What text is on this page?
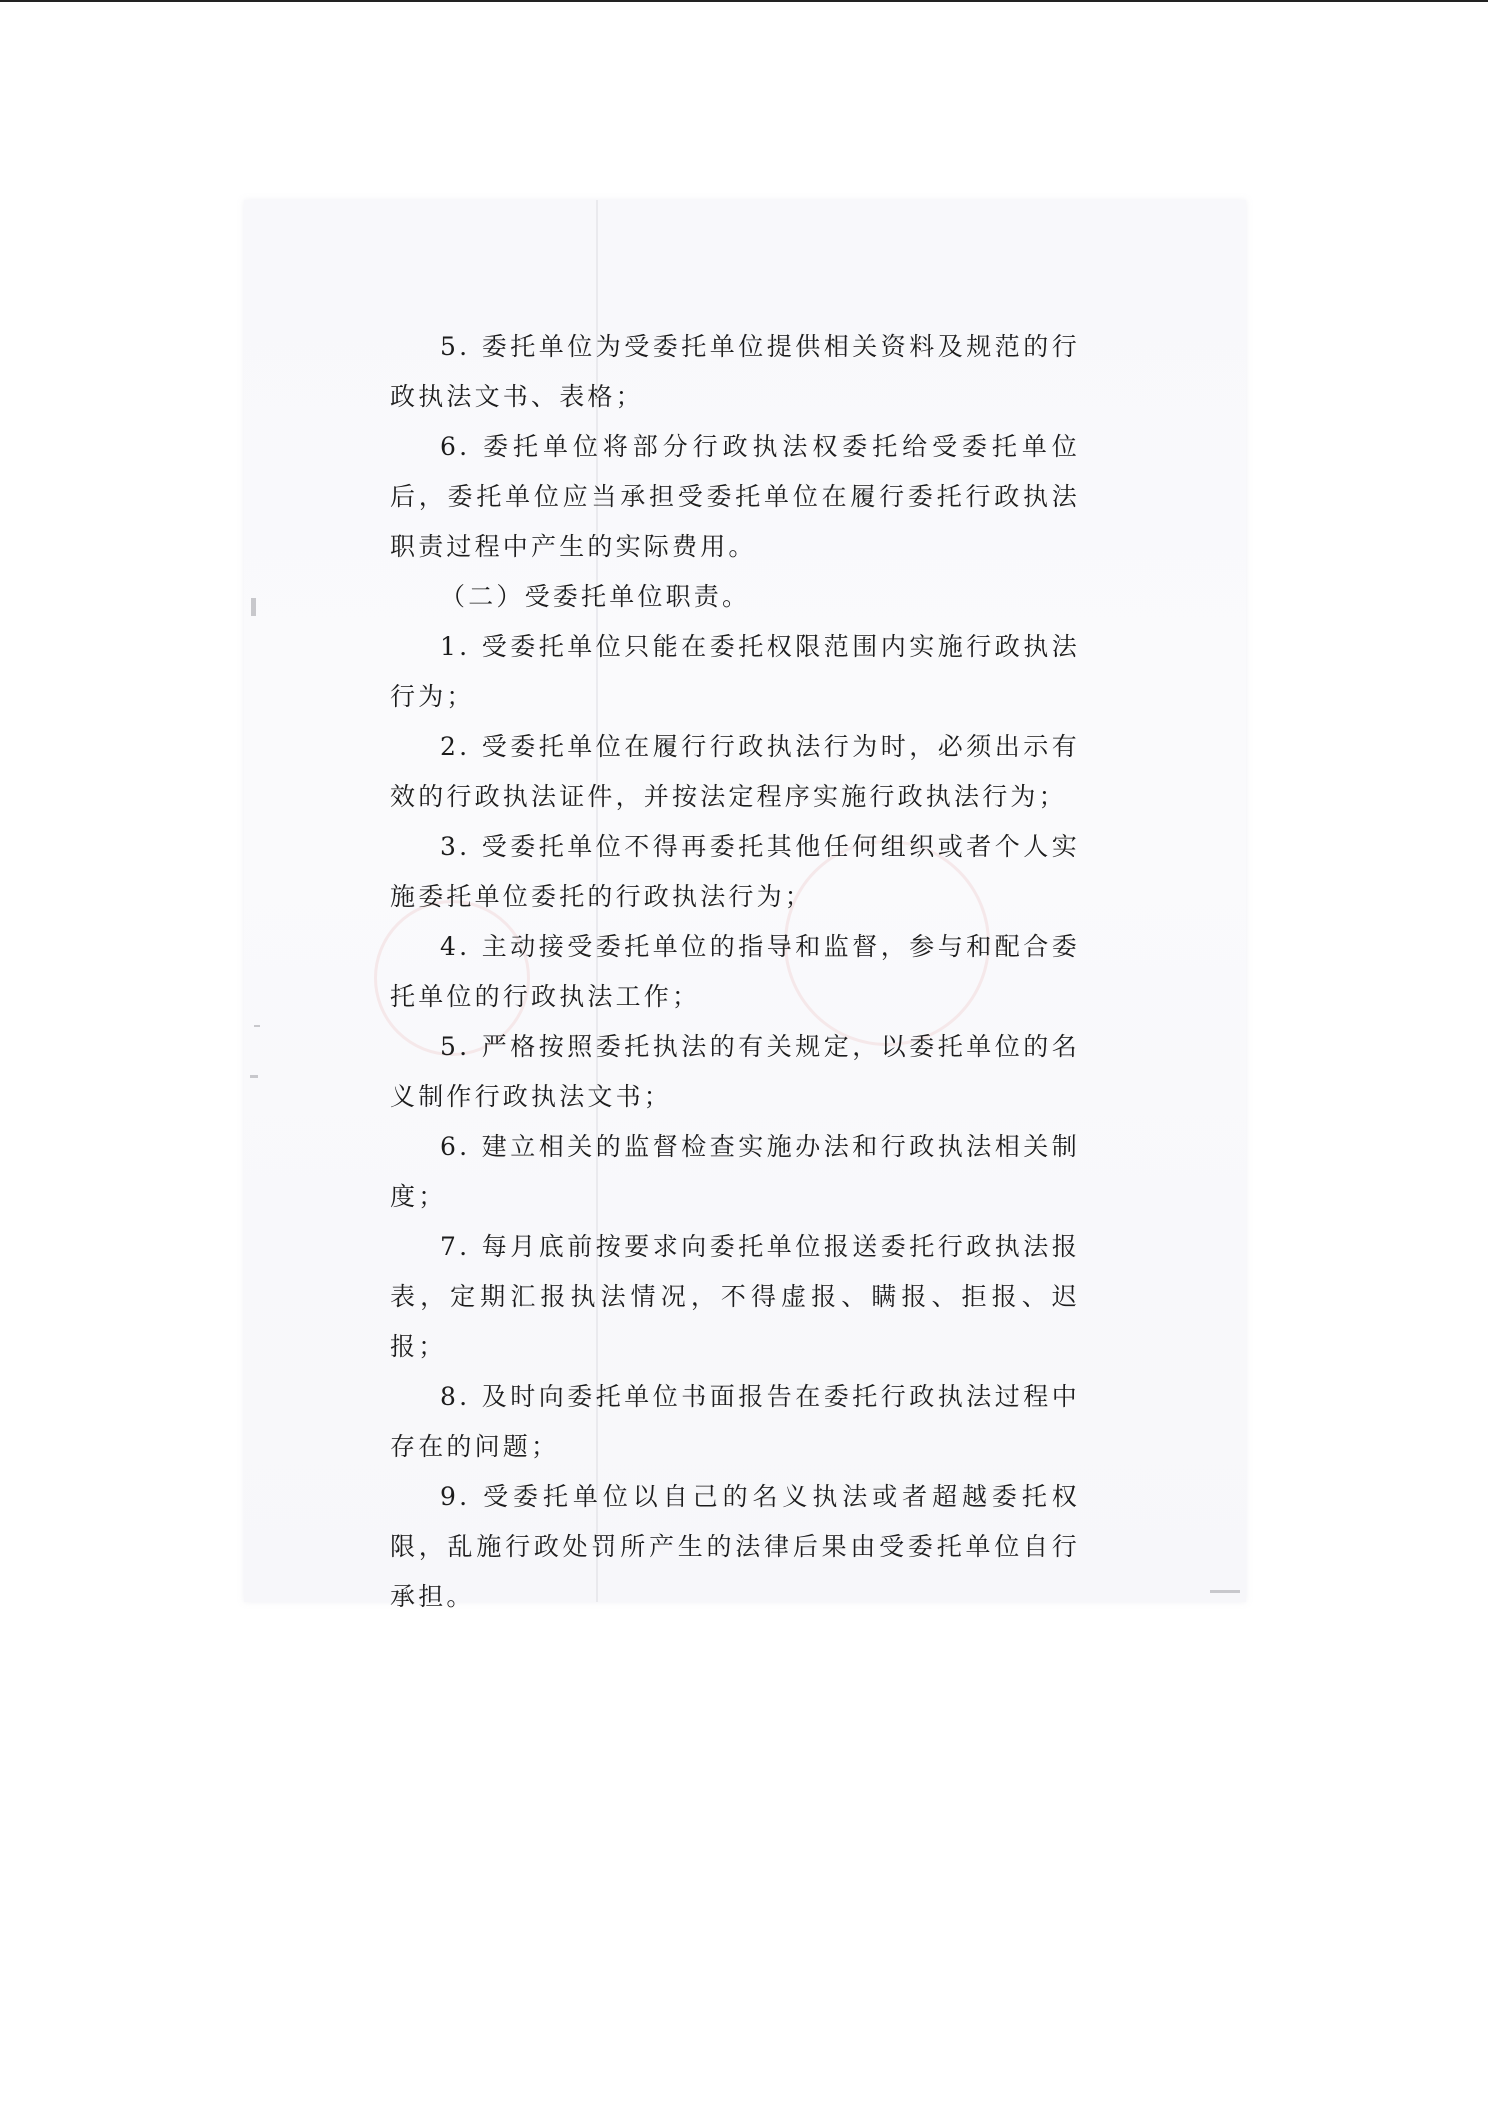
5. 委托单位为受委托单位提供相关资料及规范的行政执法文书、表格；

6. 委托单位将部分行政执法权委托给受委托单位后，委托单位应当承担受委托单位在履行委托行政执法职责过程中产生的实际费用。

（二）受委托单位职责。

1. 受委托单位只能在委托权限范围内实施行政执法行为；

2. 受委托单位在履行行政执法行为时，必须出示有效的行政执法证件，并按法定程序实施行政执法行为；

3. 受委托单位不得再委托其他任何组织或者个人实施委托单位委托的行政执法行为；

4. 主动接受委托单位的指导和监督，参与和配合委托单位的行政执法工作；

5. 严格按照委托执法的有关规定，以委托单位的名义制作行政执法文书；

6. 建立相关的监督检查实施办法和行政执法相关制度；

7. 每月底前按要求向委托单位报送委托行政执法报表，定期汇报执法情况，不得虚报、瞒报、拒报、迟报；

8. 及时向委托单位书面报告在委托行政执法过程中存在的问题；

9. 受委托单位以自己的名义执法或者超越委托权限，乱施行政处罚所产生的法律后果由受委托单位自行承担。
